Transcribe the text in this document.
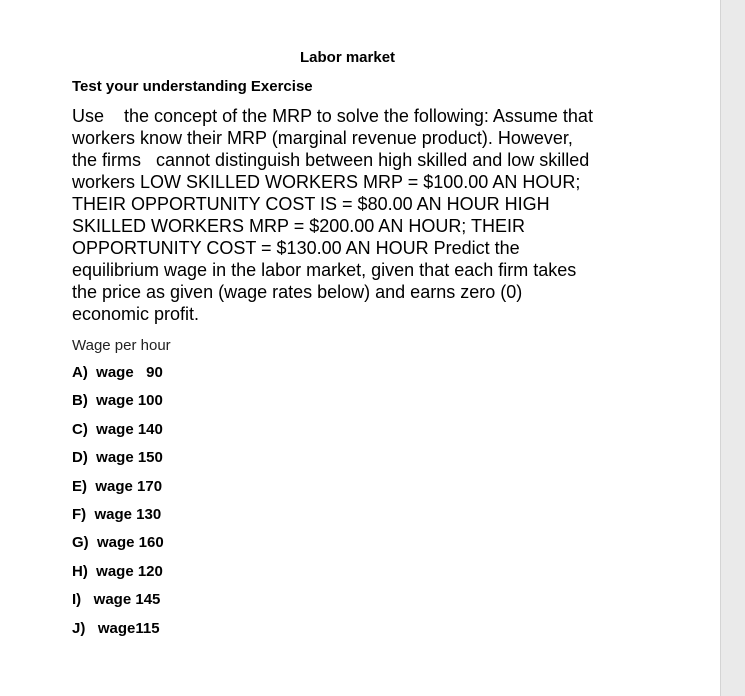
Labor market
Test your understanding Exercise
Use    the concept of the MRP to solve the following: Assume that
workers know their MRP (marginal revenue product). However,
the firms   cannot distinguish between high skilled and low skilled
workers LOW SKILLED WORKERS MRP = $100.00 AN HOUR;
THEIR OPPORTUNITY COST IS = $80.00 AN HOUR HIGH
SKILLED WORKERS MRP = $200.00 AN HOUR; THEIR
OPPORTUNITY COST = $130.00 AN HOUR Predict the
equilibrium wage in the labor market, given that each firm takes
the price as given (wage rates below) and earns zero (0)
economic profit.
Wage per hour
A)  wage   90
B)  wage 100
C)  wage 140
D)  wage 150
E)  wage 170
F)  wage 130
G)  wage 160
H)  wage 120
I)   wage 145
J)   wage115
